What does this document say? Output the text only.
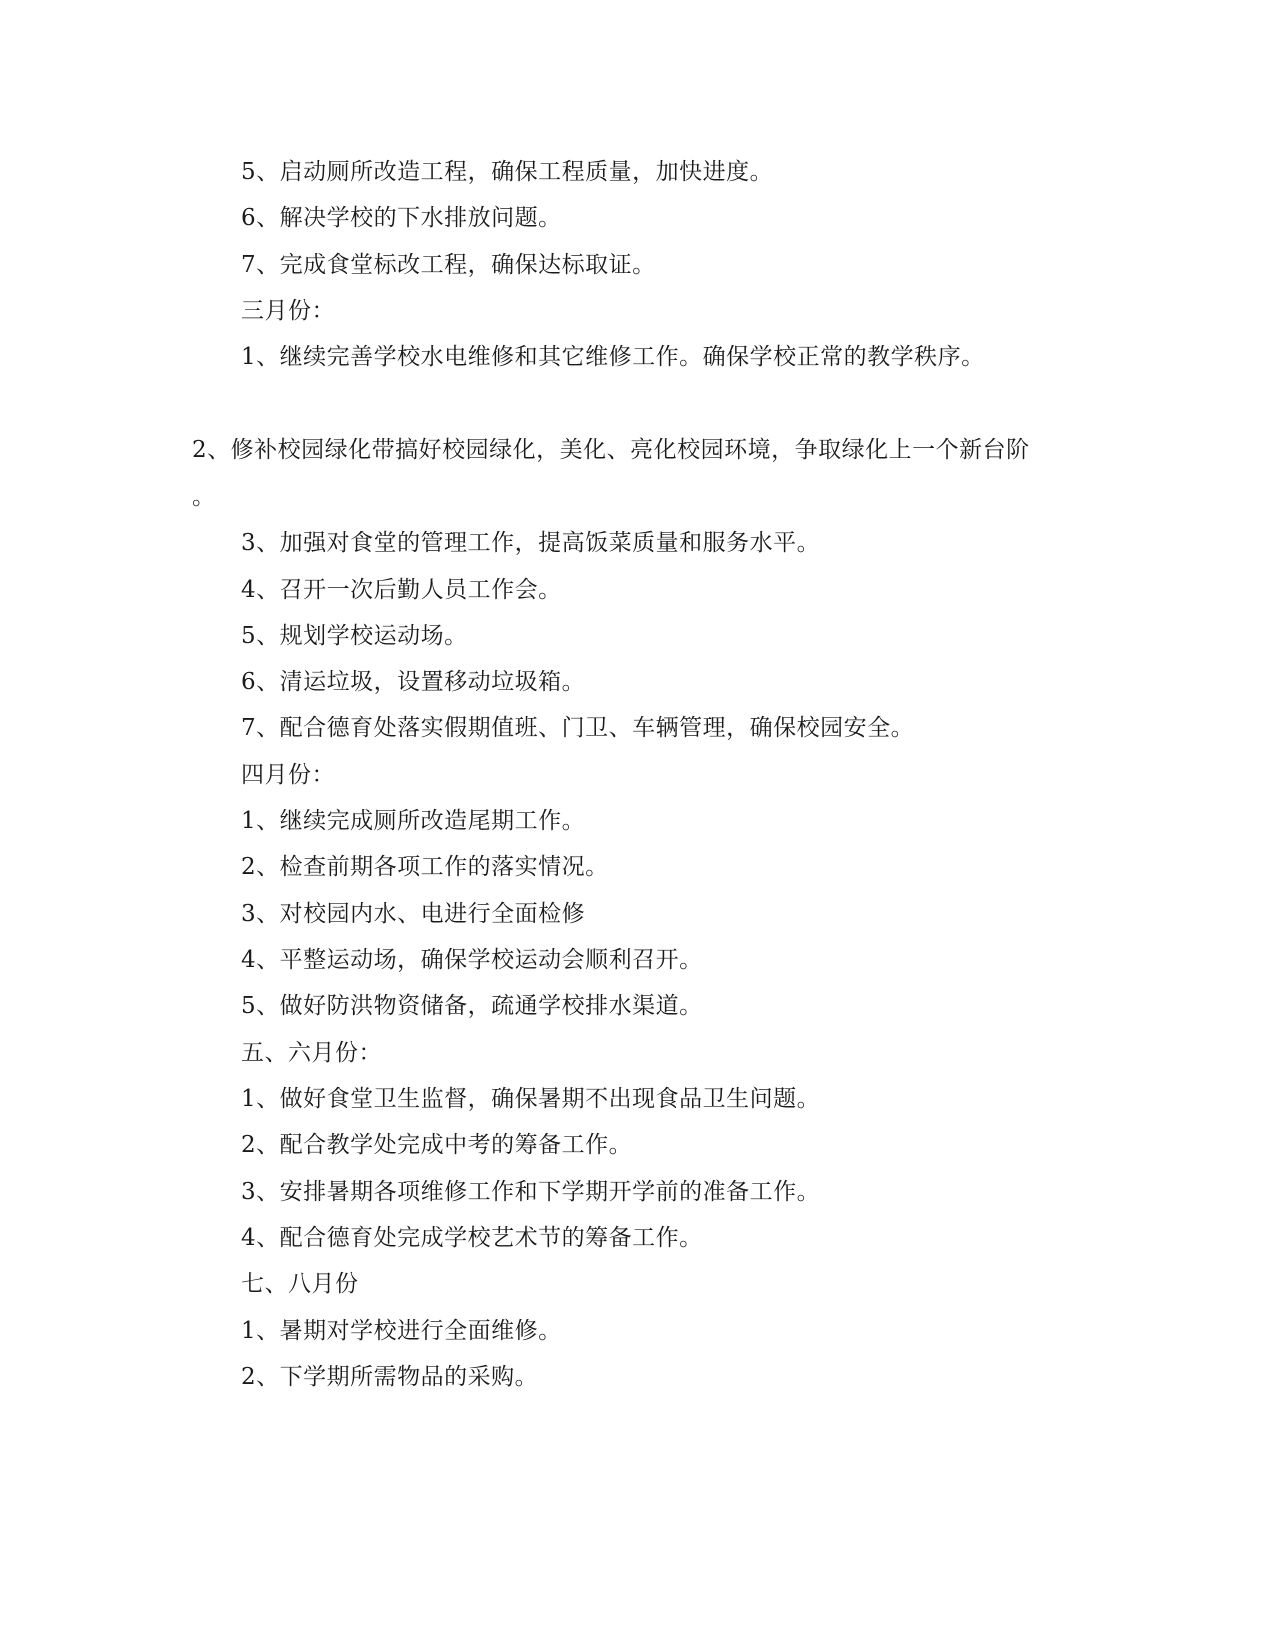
5、启动厕所改造工程，确保工程质量，加快进度。
6、解决学校的下水排放问题。
7、完成食堂标改工程，确保达标取证。
三月份：
1、继续完善学校水电维修和其它维修工作。确保学校正常的教学秩序。
2、修补校园绿化带搞好校园绿化，美化、亮化校园环境，争取绿化上一个新台阶
。
3、加强对食堂的管理工作，提高饭菜质量和服务水平。
4、召开一次后勤人员工作会。
5、规划学校运动场。
6、清运垃圾，设置移动垃圾箱。
7、配合德育处落实假期值班、门卫、车辆管理，确保校园安全。
四月份：
1、继续完成厕所改造尾期工作。
2、检查前期各项工作的落实情况。
3、对校园内水、电进行全面检修
4、平整运动场，确保学校运动会顺利召开。
5、做好防洪物资储备，疏通学校排水渠道。
五、六月份：
1、做好食堂卫生监督，确保暑期不出现食品卫生问题。
2、配合教学处完成中考的筹备工作。
3、安排暑期各项维修工作和下学期开学前的准备工作。
4、配合德育处完成学校艺术节的筹备工作。
七、八月份
1、暑期对学校进行全面维修。
2、下学期所需物品的采购。
